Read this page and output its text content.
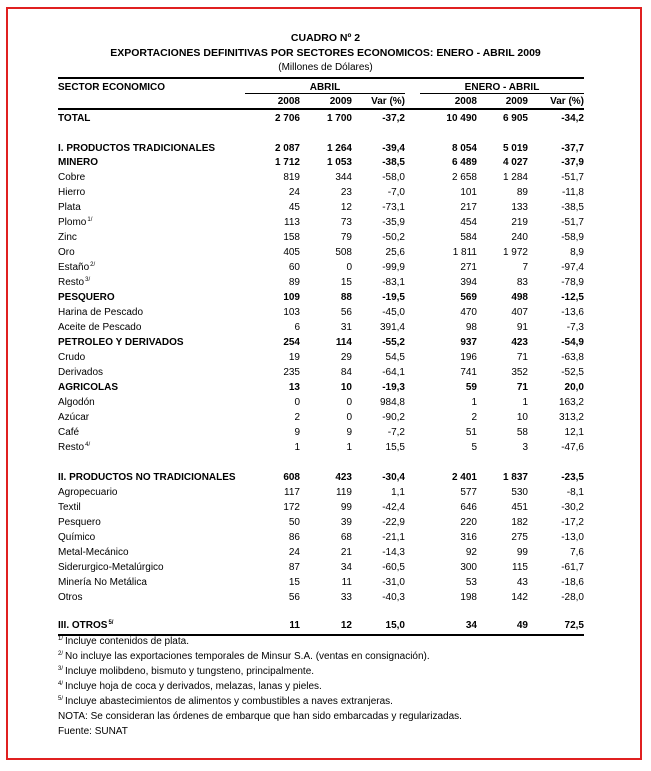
CUADRO Nº 2
EXPORTACIONES DEFINITIVAS POR SECTORES ECONOMICOS: ENERO - ABRIL 2009
(Millones de Dólares)
SECTOR ECONOMICO	ABRIL	ENERO - ABRIL
2008	2009	Var (%)	2008	2009	Var (%)
TOTAL	2 706	1 700	-37,2	10 490	6 905	-34,2
I. PRODUCTOS TRADICIONALES	2 087	1 264	-39,4	8 054	5 019	-37,7
MINERO	1 712	1 053	-38,5	6 489	4 027	-37,9
Cobre	819	344	-58,0	2 658	1 284	-51,7
Hierro	24	23	-7,0	101	89	-11,8
Plata	45	12	-73,1	217	133	-38,5
Plomo$^{1/}$	113	73	-35,9	454	219	-51,7
Zinc	158	79	-50,2	584	240	-58,9
Oro	405	508	25,6	1 811	1 972	8,9
Estaño$^{2/}$	60	0	-99,9	271	7	-97,4
Resto$^{3/}$	89	15	-83,1	394	83	-78,9
PESQUERO	109	88	-19,5	569	498	-12,5
Harina de Pescado	103	56	-45,0	470	407	-13,6
Aceite de Pescado	6	31	391,4	98	91	-7,3
PETROLEO Y DERIVADOS	254	114	-55,2	937	423	-54,9
Crudo	19	29	54,5	196	71	-63,8
Derivados	235	84	-64,1	741	352	-52,5
AGRICOLAS	13	10	-19,3	59	71	20,0
Algodón	0	0	984,8	1	1	163,2
Azúcar	2	0	-90,2	2	10	313,2
Café	9	9	-7,2	51	58	12,1
Resto$^{4/}$	1	1	15,5	5	3	-47,6
II. PRODUCTOS NO TRADICIONALES	608	423	-30,4	2 401	1 837	-23,5
Agropecuario	117	119	1,1	577	530	-8,1
Textil	172	99	-42,4	646	451	-30,2
Pesquero	50	39	-22,9	220	182	-17,2
Químico	86	68	-21,1	316	275	-13,0
Metal-Mecánico	24	21	-14,3	92	99	7,6
Siderurgico-Metalúrgico	87	34	-60,5	300	115	-61,7
Minería No Metálica	15	11	-31,0	53	43	-18,6
Otros	56	33	-40,3	198	142	-28,0
III. $OTROS^{5/}$	11	12	15,0	34	49	72,5
$^{1/}$ Incluye contenidos de plata.
$^{2/}$ No incluye las exportaciones temporales de Minsur S.A. (ventas en consignación).
$^{3/}$ Incluye molibdeno, bismuto y tungsteno, principalmente.
$^{4/}$ Incluye hoja de coca y derivados, melazas, lanas y pieles.
$^{5/}$ Incluye abastecimientos de alimentos y combustibles a naves extranjeras.
NOTA: Se consideran las órdenes de embarque que han sido embarcadas y regularizadas.
Fuente: SUNAT
